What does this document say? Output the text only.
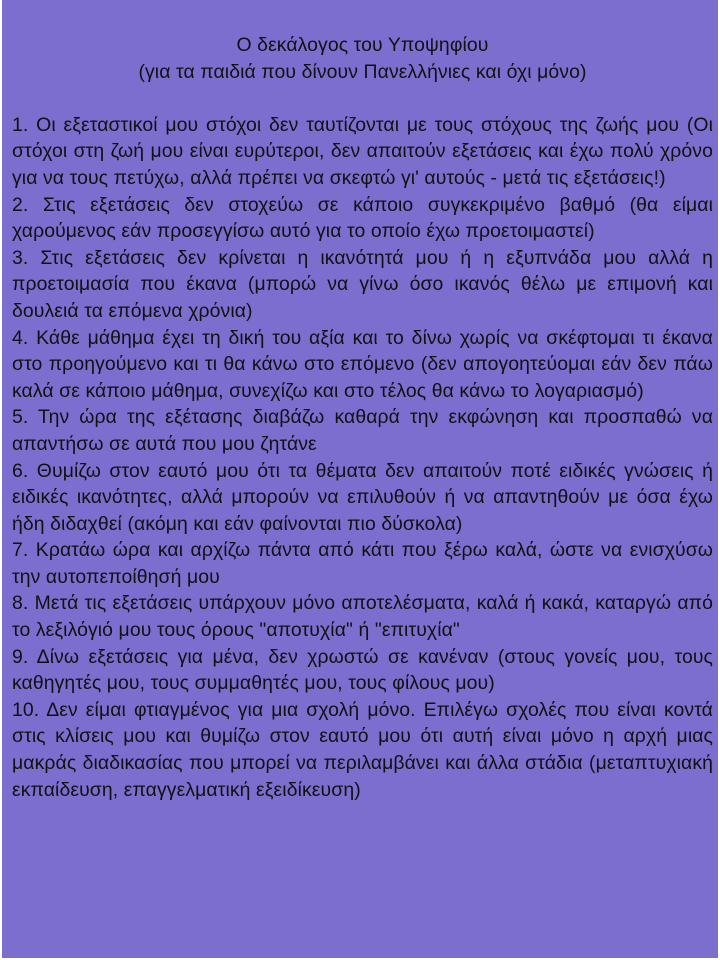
Ο δεκάλογος του Υποψηφίου
(για τα παιδιά που δίνουν Πανελλήνιες και όχι μόνο)

1. Οι εξεταστικοί μου στόχοι δεν ταυτίζονται με τους στόχους της ζωής μου (Οι στόχοι στη ζωή μου είναι ευρύτεροι, δεν απαιτούν εξετάσεις και έχω πολύ χρόνο για να τους πετύχω, αλλά πρέπει να σκεφτώ γι' αυτούς - μετά τις εξετάσεις!)

2. Στις εξετάσεις δεν στοχεύω σε κάποιο συγκεκριμένο βαθμό (θα είμαι χαρούμενος εάν προσεγγίσω αυτό για το οποίο έχω προετοιμαστεί)

3. Στις εξετάσεις δεν κρίνεται η ικανότητά μου ή η εξυπνάδα μου αλλά η προετοιμασία που έκανα (μπορώ να γίνω όσο ικανός θέλω με επιμονή και δουλειά τα επόμενα χρόνια)

4. Κάθε μάθημα έχει τη δική του αξία και το δίνω χωρίς να σκέφτομαι τι έκανα στο προηγούμενο και τι θα κάνω στο επόμενο (δεν απογοητεύομαι εάν δεν πάω καλά σε κάποιο μάθημα, συνεχίζω και στο τέλος θα κάνω το λογαριασμό)

5. Την ώρα της εξέτασης διαβάζω καθαρά την εκφώνηση και προσπαθώ να απαντήσω σε αυτά που μου ζητάνε

6. Θυμίζω στον εαυτό μου ότι τα θέματα δεν απαιτούν ποτέ ειδικές γνώσεις ή ειδικές ικανότητες, αλλά μπορούν να επιλυθούν ή να απαντηθούν με όσα έχω ήδη διδαχθεί (ακόμη και εάν φαίνονται πιο δύσκολα)

7. Κρατάω ώρα και αρχίζω πάντα από κάτι που ξέρω καλά, ώστε να ενισχύσω την αυτοπεποίθησή μου

8. Μετά τις εξετάσεις υπάρχουν μόνο αποτελέσματα, καλά ή κακά, καταργώ από το λεξιλόγιό μου τους όρους "αποτυχία" ή "επιτυχία"

9. Δίνω εξετάσεις για μένα, δεν χρωστώ σε κανέναν (στους γονείς μου, τους καθηγητές μου, τους συμμαθητές μου, τους φίλους μου)

10. Δεν είμαι φτιαγμένος για μια σχολή μόνο. Επιλέγω σχολές που είναι κοντά στις κλίσεις μου και θυμίζω στον εαυτό μου ότι αυτή είναι μόνο η αρχή μιας μακράς διαδικασίας που μπορεί να περιλαμβάνει και άλλα στάδια (μεταπτυχιακή εκπαίδευση, επαγγελματική εξειδίκευση)
